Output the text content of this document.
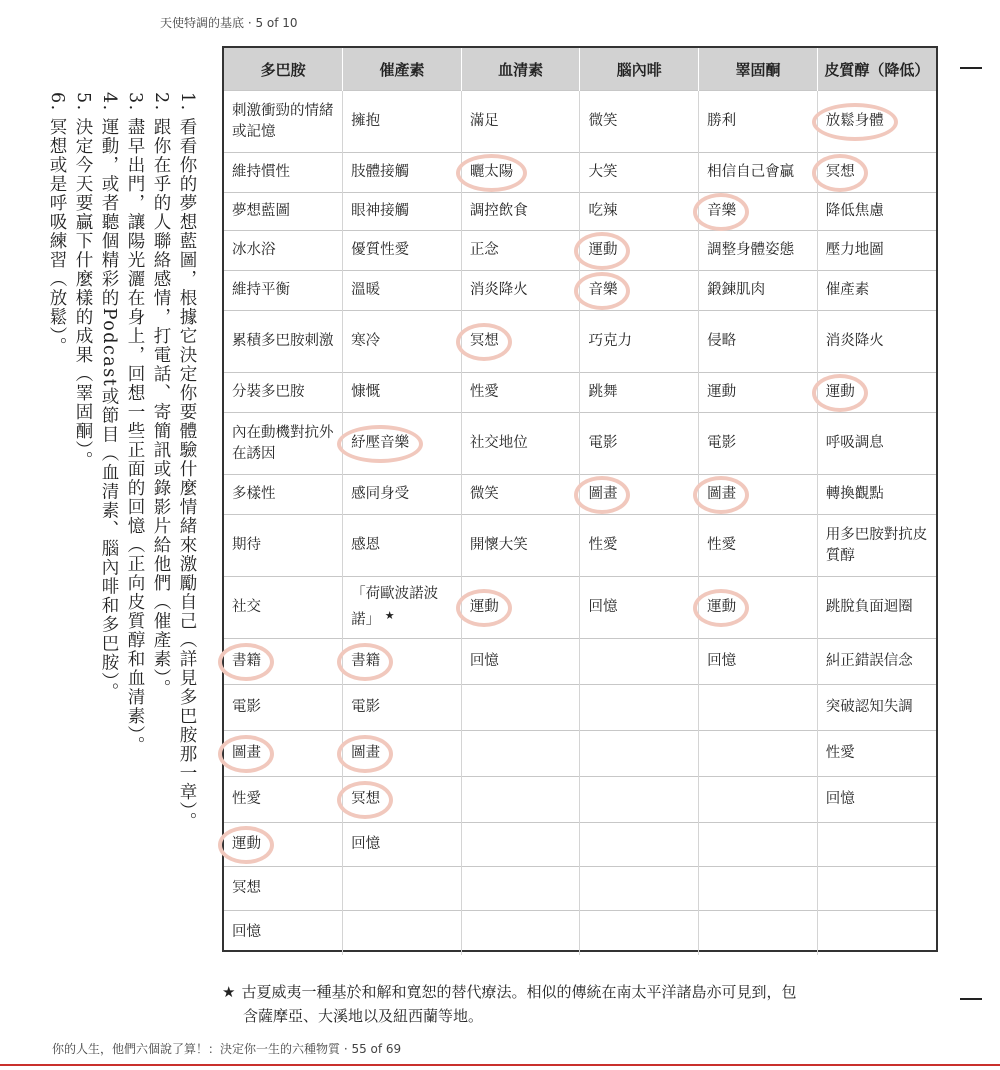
天使特調的基底 · 5 of 10
1.看看你的夢想藍圖，根據它決定你要體驗什麼情緒來激勵自己（詳見多巴胺那一章）。
2.跟你在乎的人聯絡感情，打電話、寄簡訊或錄影片給他們（催產素）。
3.盡早出門，讓陽光灑在身上，回想一些正面的回憶（正向皮質醇和血清素）。
4.運動，或者聽個精彩的Podcast或節目（血清素、腦內啡和多巴胺）。
5.決定今天要贏下什麼樣的成果（睪固酮）。
6.冥想或是呼吸練習（放鬆）。
多巴胺	催產素	血清素	腦內啡	睪固酮	皮質醇（降低）
刺激衝勁的情緒或記憶	擁抱	滿足	微笑	勝利	放鬆身體
維持慣性	肢體接觸	曬太陽	大笑	相信自己會贏	冥想
夢想藍圖	眼神接觸	調控飲食	吃辣	音樂	降低焦慮
冰水浴	優質性愛	正念	運動	調整身體姿態	壓力地圖
維持平衡	溫暖	消炎降火	音樂	鍛鍊肌肉	催產素
累積多巴胺刺激	寒冷	冥想	巧克力	侵略	消炎降火
分裝多巴胺	慷慨	性愛	跳舞	運動	運動
內在動機對抗外在誘因	紓壓音樂	社交地位	電影	電影	呼吸調息
多樣性	感同身受	微笑	圖畫	圖畫	轉換觀點
期待	感恩	開懷大笑	性愛	性愛	用多巴胺對抗皮質醇
社交	「荷歐波諾波諾」 ★	運動	回憶	運動	跳脫負面迴圈

書籍	書籍	回憶		回憶	糾正錯誤信念
電影	電影				突破認知失調

圖畫	圖畫				性愛
性愛	冥想				回憶

運動	回憶				
冥想					
回憶					
★ 古夏威夷一種基於和解和寬恕的替代療法。相似的傳統在南太平洋諸島亦可見到，包
含薩摩亞、大溪地以及紐西蘭等地。
你的人生，他們六個說了算！：決定你一生的六種物質 · 55 of 69
